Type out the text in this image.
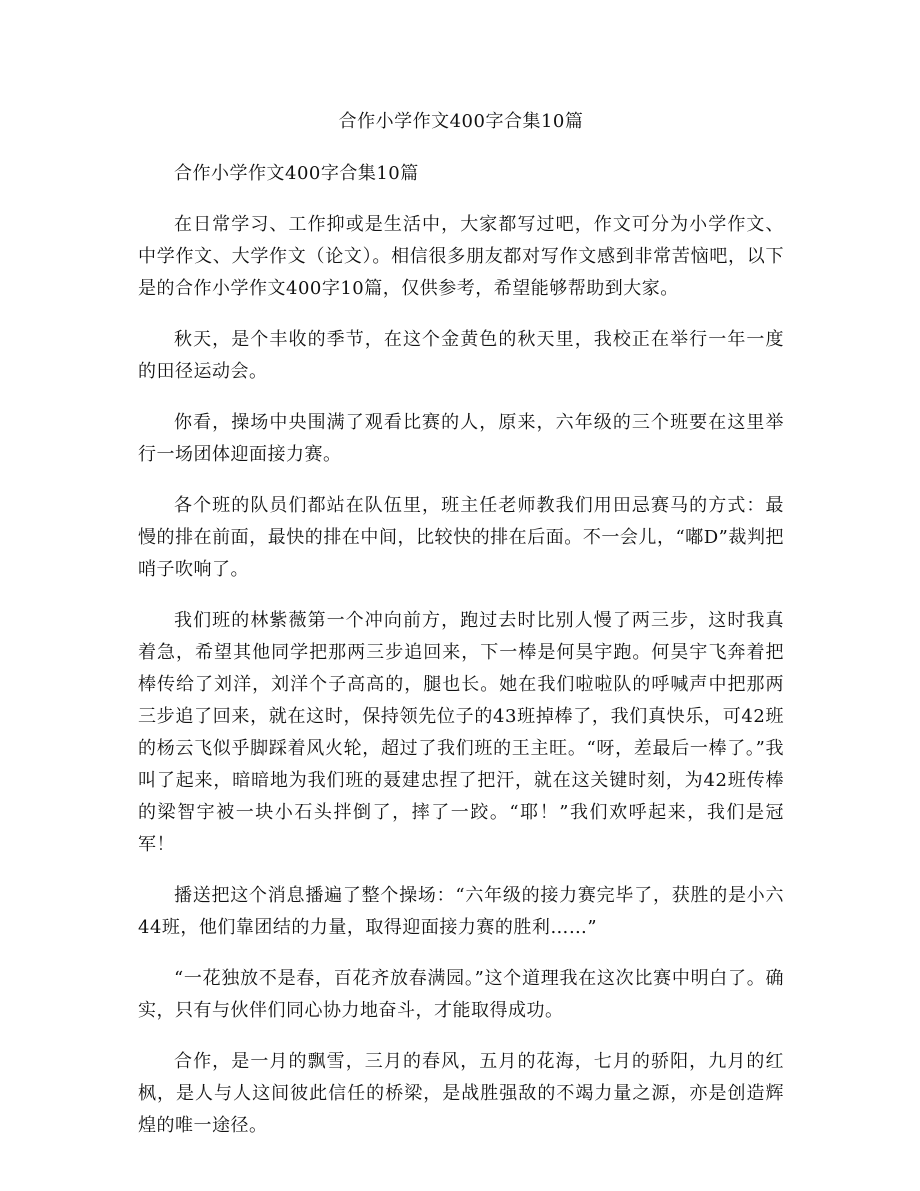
合作小学作文400字合集10篇

合作小学作文400字合集10篇

在日常学习、工作抑或是生活中，大家都写过吧，作文可分为小学作文、中学作文、大学作文（论文）。相信很多朋友都对写作文感到非常苦恼吧，以下是的合作小学作文400字10篇，仅供参考，希望能够帮助到大家。

秋天，是个丰收的季节，在这个金黄色的秋天里，我校正在举行一年一度的田径运动会。

你看，操场中央围满了观看比赛的人，原来，六年级的三个班要在这里举行一场团体迎面接力赛。

各个班的队员们都站在队伍里，班主任老师教我们用田忌赛马的方式：最慢的排在前面，最快的排在中间，比较快的排在后面。不一会儿，“嘟D”裁判把哨子吹响了。

我们班的林紫薇第一个冲向前方，跑过去时比别人慢了两三步，这时我真着急，希望其他同学把那两三步追回来，下一棒是何昊宇跑。何昊宇飞奔着把棒传给了刘洋，刘洋个子高高的，腿也长。她在我们啦啦队的呼喊声中把那两三步追了回来，就在这时，保持领先位子的43班掉棒了，我们真快乐，可42班的杨云飞似乎脚踩着风火轮，超过了我们班的王主旺。“呀，差最后一棒了。”我叫了起来，暗暗地为我们班的聂建忠捏了把汗，就在这关键时刻，为42班传棒的梁智宇被一块小石头拌倒了，摔了一跤。“耶！”我们欢呼起来，我们是冠军！

播送把这个消息播遍了整个操场：“六年级的接力赛完毕了，获胜的是小六44班，他们靠团结的力量，取得迎面接力赛的胜利……”

“一花独放不是春，百花齐放春满园。”这个道理我在这次比赛中明白了。确实，只有与伙伴们同心协力地奋斗，才能取得成功。

合作，是一月的飘雪，三月的春风，五月的花海，七月的骄阳，九月的红枫，是人与人这间彼此信任的桥梁，是战胜强敌的不竭力量之源，亦是创造辉煌的唯一途径。
